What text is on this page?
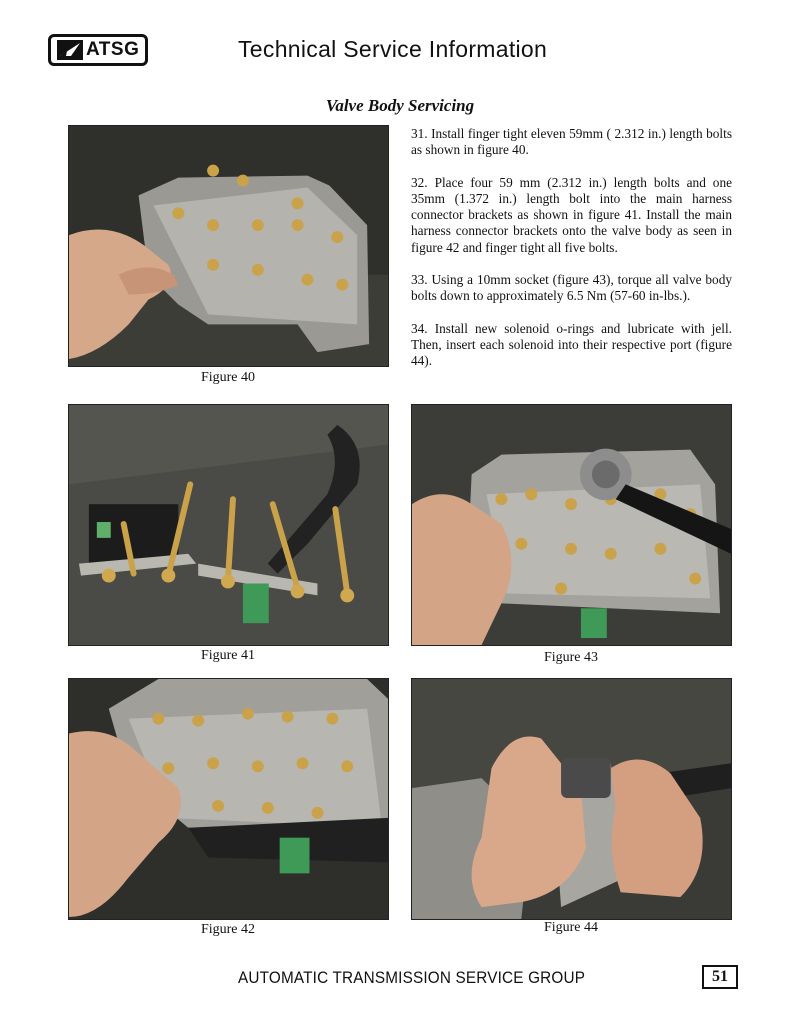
ATSG	Technical Service Information
Valve Body Servicing

31. Install finger tight eleven 59mm ( 2.312 in.) length bolts as shown in figure 40.

32. Place four 59 mm (2.312 in.) length bolts and one 35mm (1.372 in.) length bolt into the main harness connector brackets as shown in figure 41. Install the main harness connector brackets onto the valve body as seen in figure 42 and finger tight all five bolts.

33. Using a 10mm socket (figure 43), torque all valve body bolts down to approximately 6.5 Nm (57-60 in-lbs.).

34. Install new solenoid o-rings and lubricate with jell. Then, insert each solenoid into their respective port (figure 44).

Figure 40
Figure 41	Figure 43
Figure 42	Figure 44
AUTOMATIC TRANSMISSION SERVICE GROUP	51
